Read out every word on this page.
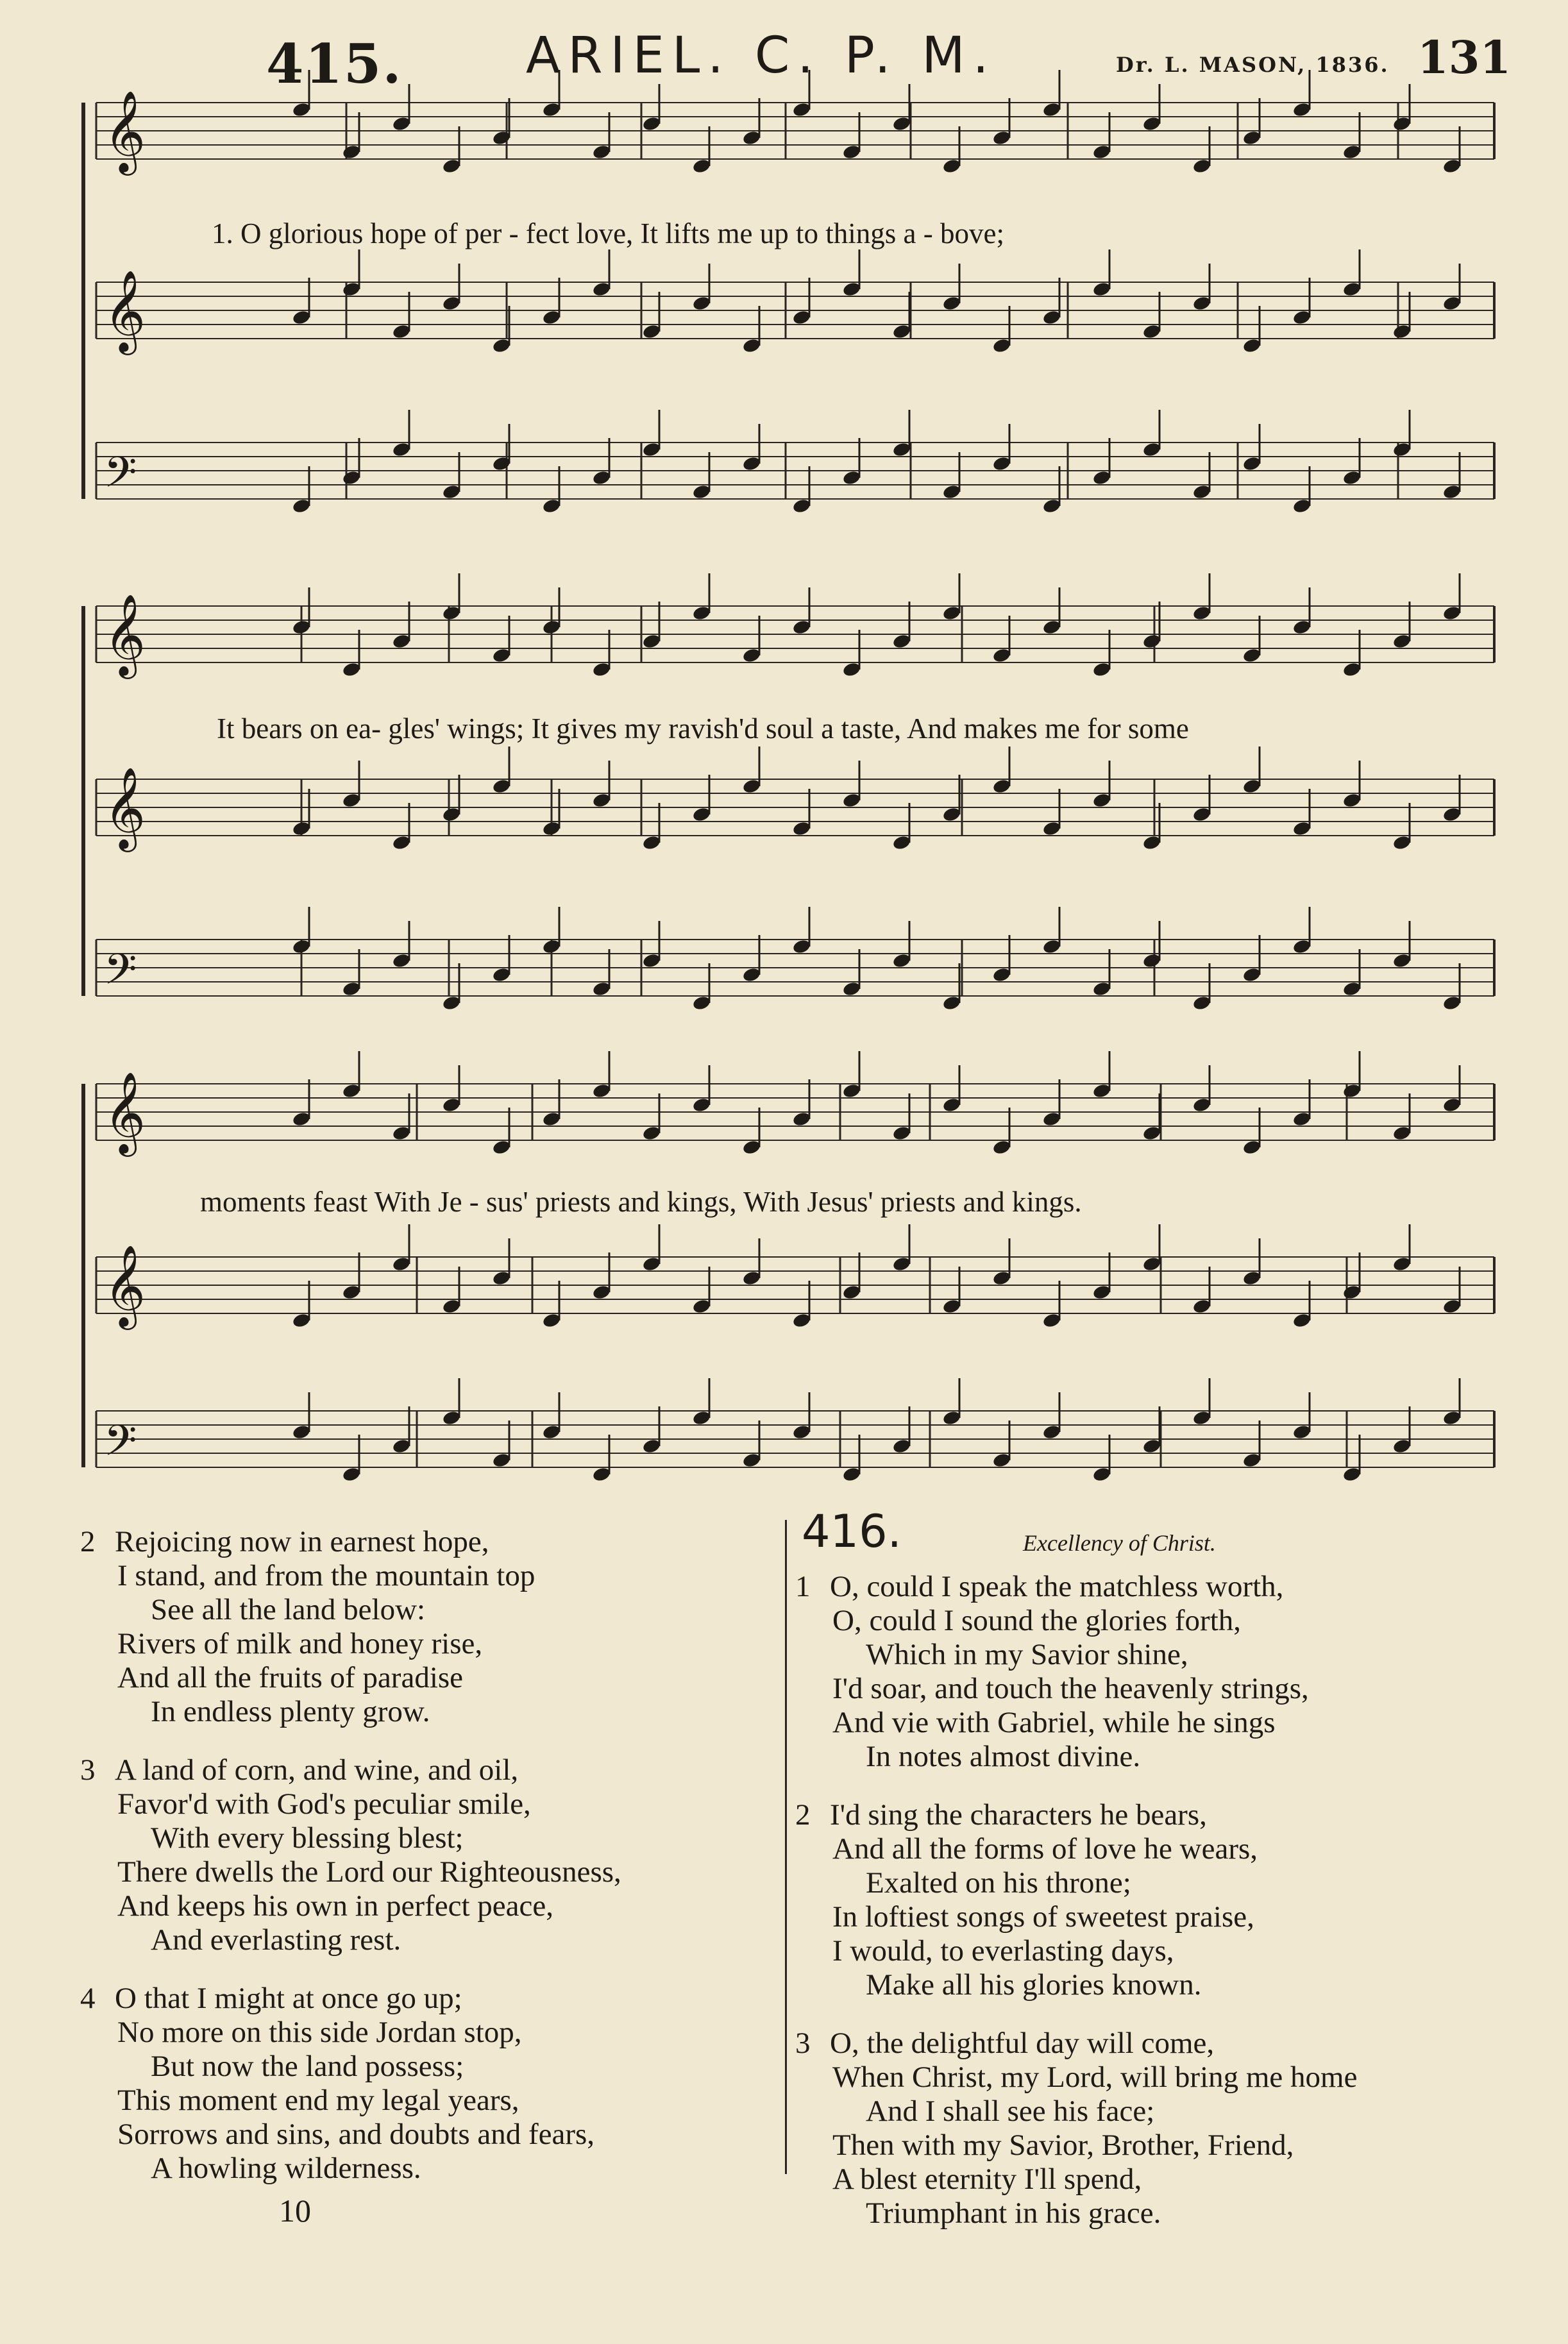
415. ARIEL. C. P. M.	Dr. L. MASON, 1836. 131
𝄞
𝄞
𝄢
𝄞
𝄞
𝄢
𝄞
𝄞
𝄢
1. O glorious hope of per - fect love, It lifts me up to things a - bove;
It bears on ea- gles' wings; It gives my ravish'd soul a taste, And makes me for some
moments feast With Je - sus' priests and kings, With Jesus' priests and kings.
2 Rejoicing now in earnest hope,
I stand, and from the mountain top
See all the land below:
Rivers of milk and honey rise,
And all the fruits of paradise
In endless plenty grow.
3 A land of corn, and wine, and oil,
Favor'd with God's peculiar smile,
With every blessing blest;
There dwells the Lord our Righteousness,
And keeps his own in perfect peace,
And everlasting rest.
4 O that I might at once go up;
No more on this side Jordan stop,
But now the land possess;
This moment end my legal years,
Sorrows and sins, and doubts and fears,
A howling wilderness.
416.	Excellency of Christ.
1 O, could I speak the matchless worth,
O, could I sound the glories forth,
Which in my Savior shine,
I'd soar, and touch the heavenly strings,
And vie with Gabriel, while he sings
In notes almost divine.
2 I'd sing the characters he bears,
And all the forms of love he wears,
Exalted on his throne;
In loftiest songs of sweetest praise,
I would, to everlasting days,
Make all his glories known.
3 O, the delightful day will come,
When Christ, my Lord, will bring me home
And I shall see his face;
Then with my Savior, Brother, Friend,
A blest eternity I'll spend,
Triumphant in his grace.
10
